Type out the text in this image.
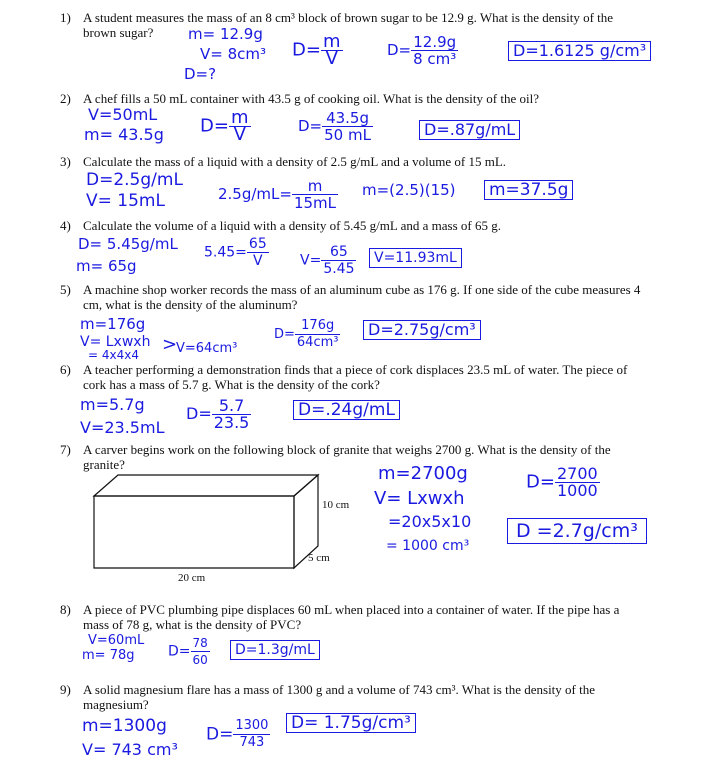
1) A student measures the mass of an 8 cm³ block of brown sugar to be 12.9 g. What is the density of the brown sugar?	m= 12.9g
V= 8cm³
D=?
$D= \frac{m}{V}$	$D= \frac{12.9g}{\text{8 cm³}}$	D=1.6125 g/cm³
2) A chef fills a 50 mL container with 43.5 g of cooking oil. What is the density of the oil?
V=50mL
m= 43.5g $D= \frac{m}{V}$	$D= \frac{43.5g}{50 mL}$	D=.87g/mL
3) Calculate the mass of a liquid with a density of 2.5 g/mL and a volume of 15 mL.
D=2.5g/mL
V= 15mL	$2.5g/mL= \frac{m}{15mL} m=(2.5)(15)$ m=37.5g
4) Calculate the volume of a liquid with a density of 5.45 g/mL and a mass of 65 g.
D= 5.45g/mL
m= 65g
$5.45= \frac{65}{V} V= \frac{65}{5.45}$	V=11.93mL
5) A machine shop worker records the mass of an aluminum cube as 176 g. If one side of the cube measures 4 cm, what is the density of the aluminum?
m=176g
V= Lxwxh
= 4x4x4 >
V=64cm³
$D= \frac{176g}{\text{64cm³}}$	D=2.75g/cm³
6) A teacher performing a demonstration finds that a piece of cork displaces 23.5 mL of water. The piece of cork has a mass of 5.7 g. What is the density of the cork?
m=5.7g
V=23.5mL
$D= \frac{5.7}{23.5}$	D=.24g/mL
7) A carver begins work on the following block of granite that weighs 2700 g. What is the density of the granite?
10 cm
5 cm
20 cm
m=2700g
V= Lxwxh
=20x5x10
= 1000 cm³
$D= \frac{2700}{1000}$
D =2.7g/cm³
8) A piece of PVC plumbing pipe displaces 60 mL when placed into a container of water. If the pipe has a mass of 78 g, what is the density of PVC?
V=60mL
m= 78g $D= \frac{78}{60}$	D=1.3g/mL
9) A solid magnesium flare has a mass of 1300 g and a volume of 743 cm³. What is the density of the magnesium?
m=1300g
V= 743 cm³
$D= \frac{1300}{743} D= 1.75g/cm^3$
